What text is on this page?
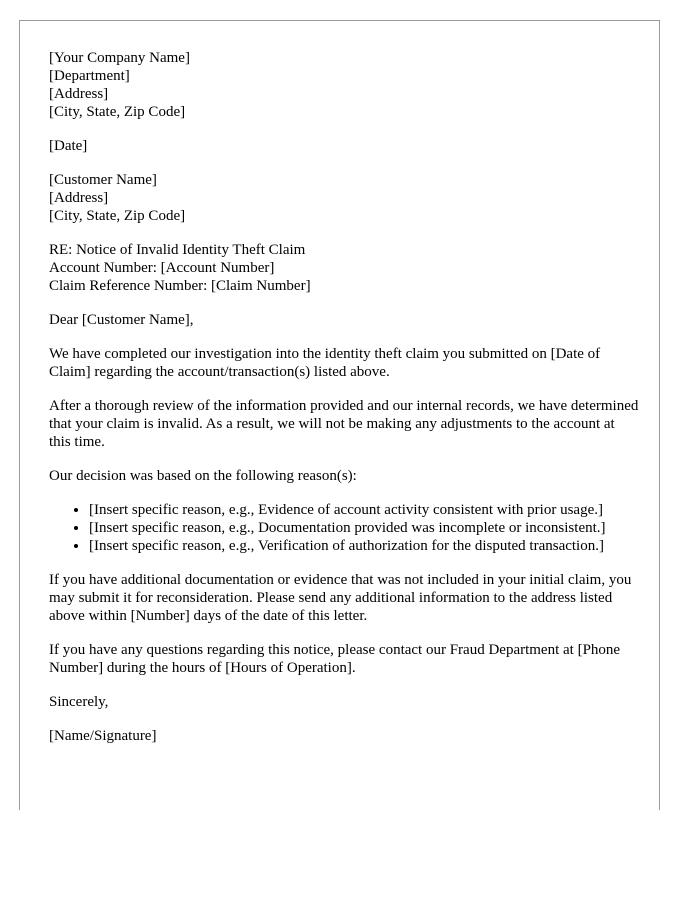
[Your Company Name]
[Department]
[Address]
[City, State, Zip Code]
[Date]
[Customer Name]
[Address]
[City, State, Zip Code]
RE: Notice of Invalid Identity Theft Claim
Account Number: [Account Number]
Claim Reference Number: [Claim Number]

Dear [Customer Name],

We have completed our investigation into the identity theft claim you submitted on [Date of Claim] regarding the account/transaction(s) listed above.

After a thorough review of the information provided and our internal records, we have determined that your claim is invalid. As a result, we will not be making any adjustments to the account at this time.

Our decision was based on the following reason(s):

• [Insert specific reason, e.g., Evidence of account activity consistent with prior usage.]
• [Insert specific reason, e.g., Documentation provided was incomplete or inconsistent.]
• [Insert specific reason, e.g., Verification of authorization for the disputed transaction.]

If you have additional documentation or evidence that was not included in your initial claim, you may submit it for reconsideration. Please send any additional information to the address listed above within [Number] days of the date of this letter.

If you have any questions regarding this notice, please contact our Fraud Department at [Phone Number] during the hours of [Hours of Operation].

Sincerely,

[Name/Signature]
